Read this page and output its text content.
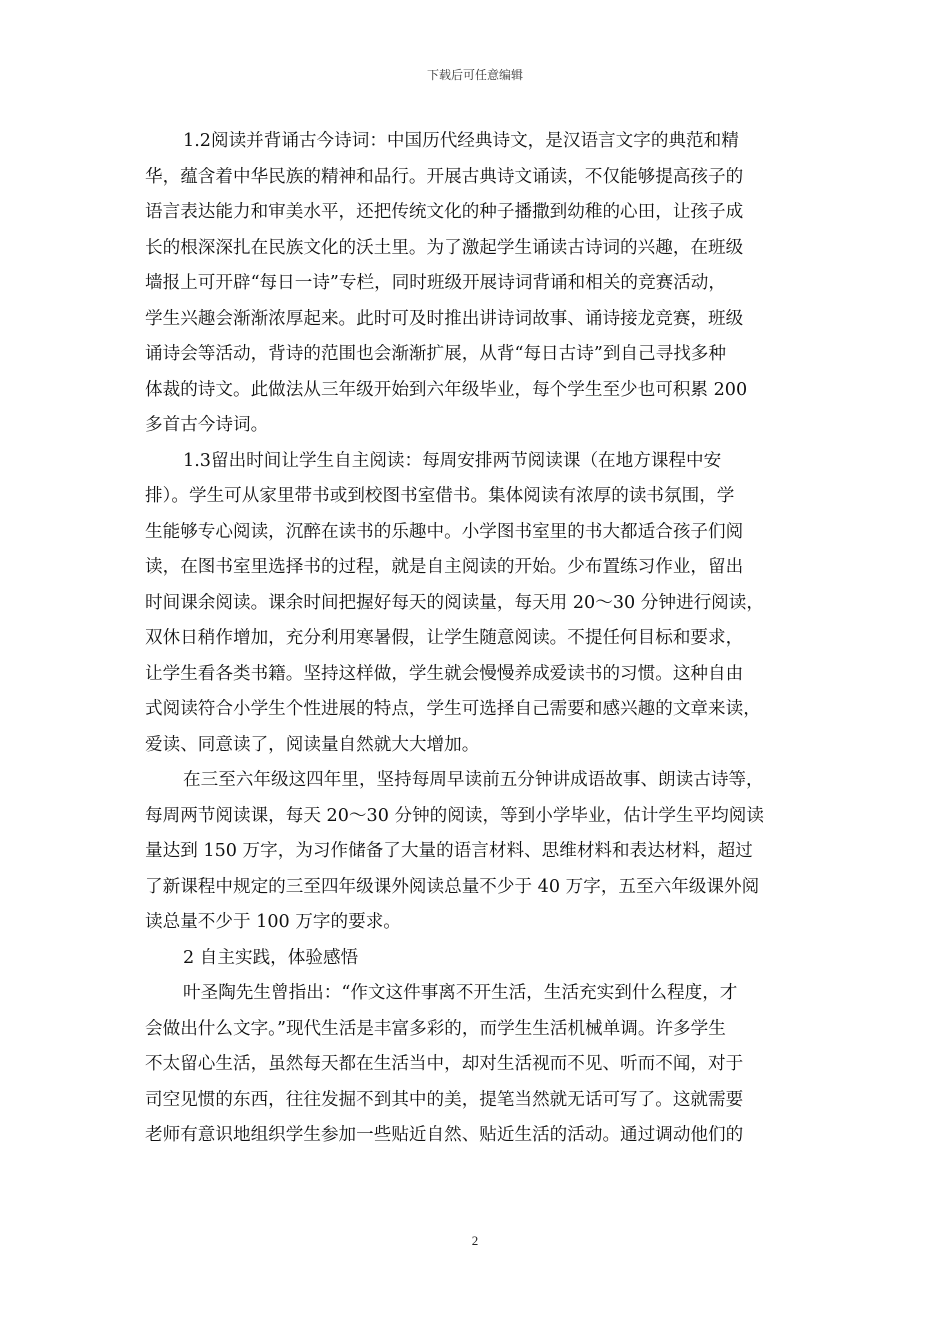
下载后可任意编辑

1.2阅读并背诵古今诗词：中国历代经典诗文，是汉语言文字的典范和精
华，蕴含着中华民族的精神和品行。开展古典诗文诵读，不仅能够提高孩子的
语言表达能力和审美水平，还把传统文化的种子播撒到幼稚的心田，让孩子成
长的根深深扎在民族文化的沃土里。为了激起学生诵读古诗词的兴趣，在班级
墙报上可开辟“每日一诗”专栏，同时班级开展诗词背诵和相关的竞赛活动，
学生兴趣会渐渐浓厚起来。此时可及时推出讲诗词故事、诵诗接龙竞赛，班级
诵诗会等活动，背诗的范围也会渐渐扩展，从背“每日古诗”到自己寻找多种
体裁的诗文。此做法从三年级开始到六年级毕业，每个学生至少也可积累 200
多首古今诗词。

1.3留出时间让学生自主阅读：每周安排两节阅读课（在地方课程中安
排）。学生可从家里带书或到校图书室借书。集体阅读有浓厚的读书氛围，学
生能够专心阅读，沉醉在读书的乐趣中。小学图书室里的书大都适合孩子们阅
读，在图书室里选择书的过程，就是自主阅读的开始。少布置练习作业，留出
时间课余阅读。课余时间把握好每天的阅读量，每天用 20～30 分钟进行阅读，
双休日稍作增加，充分利用寒暑假，让学生随意阅读。不提任何目标和要求，
让学生看各类书籍。坚持这样做，学生就会慢慢养成爱读书的习惯。这种自由
式阅读符合小学生个性进展的特点，学生可选择自己需要和感兴趣的文章来读，
爱读、同意读了，阅读量自然就大大增加。

在三至六年级这四年里，坚持每周早读前五分钟讲成语故事、朗读古诗等，
每周两节阅读课，每天 20～30 分钟的阅读，等到小学毕业，估计学生平均阅读
量达到 150 万字，为习作储备了大量的语言材料、思维材料和表达材料，超过
了新课程中规定的三至四年级课外阅读总量不少于 40 万字，五至六年级课外阅
读总量不少于 100 万字的要求。

2 自主实践，体验感悟

叶圣陶先生曾指出：“作文这件事离不开生活，生活充实到什么程度，才
会做出什么文字。”现代生活是丰富多彩的，而学生生活机械单调。许多学生
不太留心生活，虽然每天都在生活当中，却对生活视而不见、听而不闻，对于
司空见惯的东西，往往发掘不到其中的美，提笔当然就无话可写了。这就需要
老师有意识地组织学生参加一些贴近自然、贴近生活的活动。通过调动他们的

2
